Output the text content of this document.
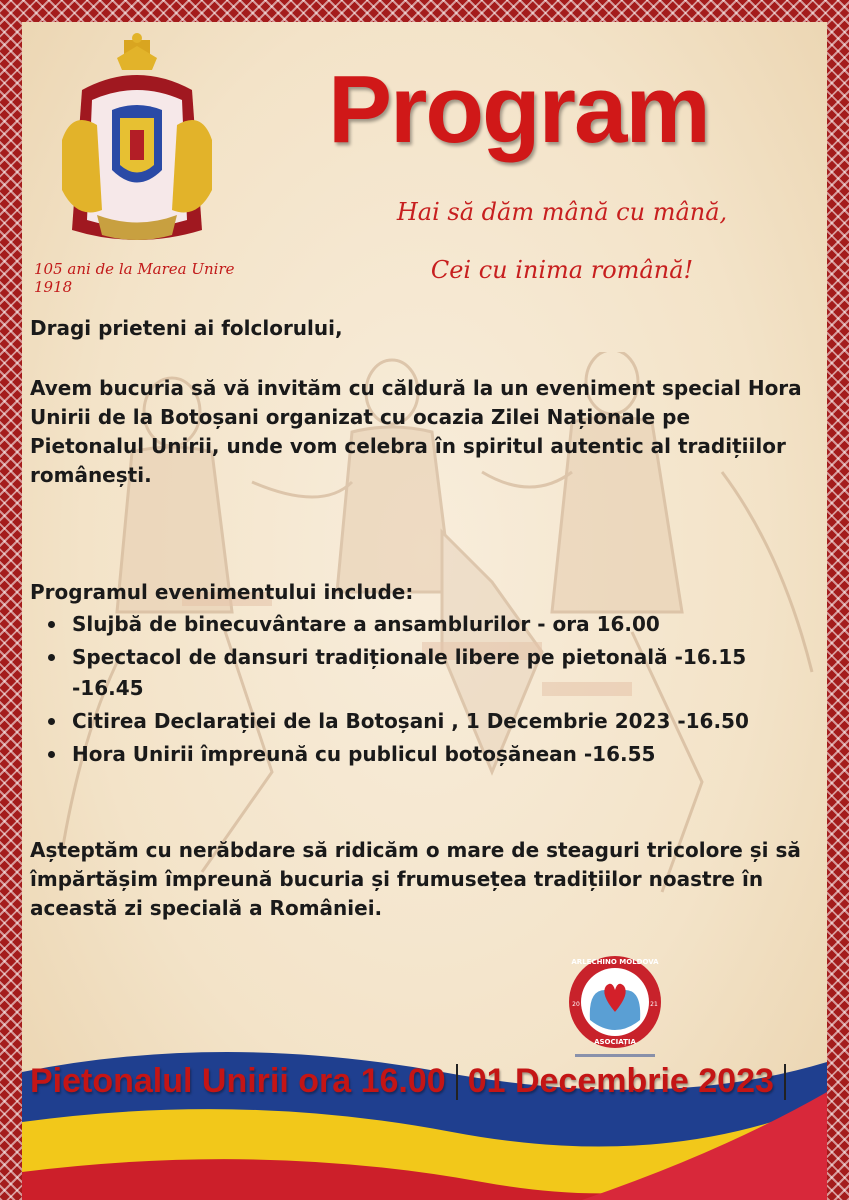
105 ani de la Marea Unire 1918
Program
Hai să dăm mână cu mână,
Cei cu inima română!

Dragi prieteni ai folclorului,

Avem bucuria să vă invităm cu căldură la un eveniment special Hora Unirii de la Botoșani organizat cu ocazia Zilei Naționale pe Pietonalul Unirii, unde vom celebra în spiritul autentic al tradițiilor românești.

Programul evenimentului include:

Slujbă de binecuvântare a ansamblurilor - ora 16.00
Spectacol de dansuri tradiționale libere pe pietonală -16.15 -16.45
Citirea Declarației de la Botoșani , 1 Decembrie 2023 -16.50
Hora Unirii împreună cu publicul botoșănean -16.55

Așteptăm cu nerăbdare să ridicăm o mare de steaguri tricolore și să împărtășim împreună bucuria și frumusețea tradițiilor noastre în această zi specială a României.

ARLECHINO MOLDOVA
20	21
ASOCIAȚIA
Pietonalul Unirii ora 16.00 01 Decembrie 2023
